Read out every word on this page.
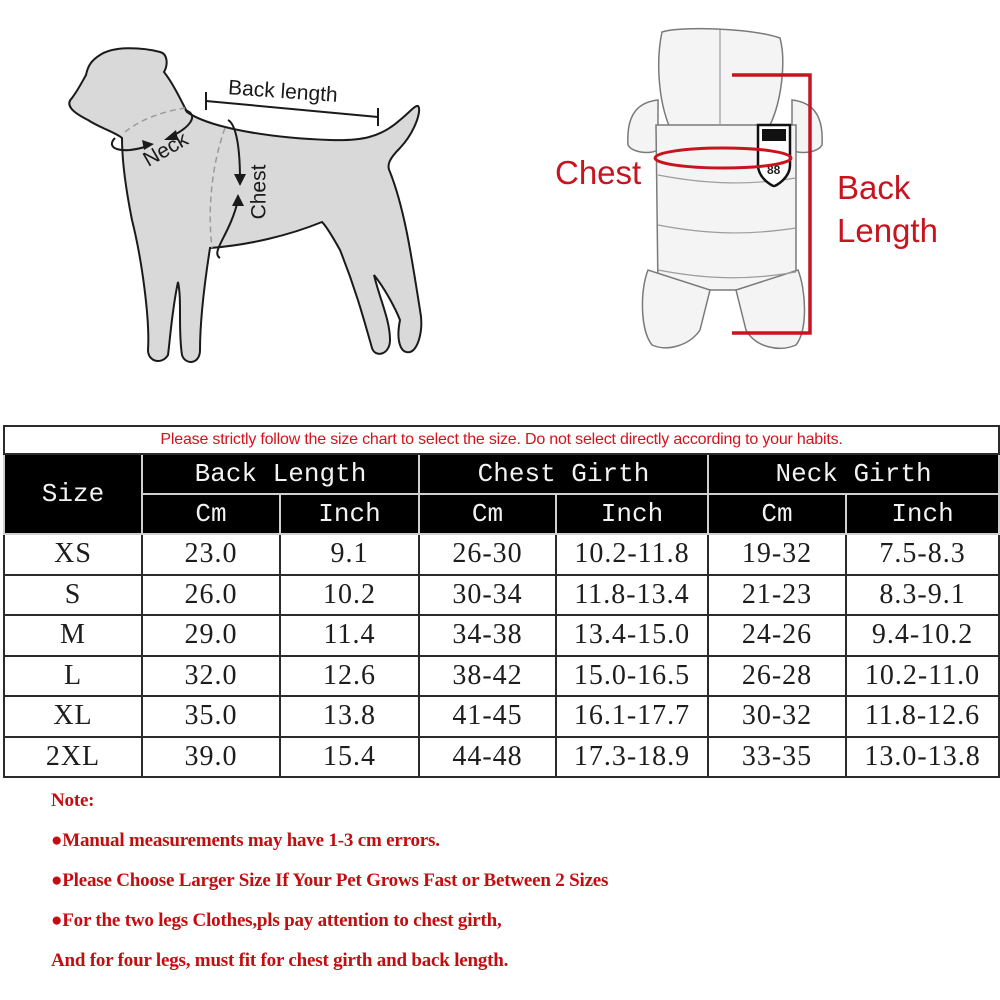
Back length
Neck
Chest	88
Chest	Back
Length
Please strictly follow the size chart to select the size. Do not select directly according to your habits.						
Size	Back Length		Chest Girth		Neck Girth	
	Cm	Inch	Cm	Inch	Cm	Inch
XS	23.0	9.1	26-30	10.2-11.8	19-32	7.5-8.3
S	26.0	10.2	30-34	11.8-13.4	21-23	8.3-9.1
M	29.0	11.4	34-38	13.4-15.0	24-26	9.4-10.2
L	32.0	12.6	38-42	15.0-16.5	26-28	10.2-11.0
XL	35.0	13.8	41-45	16.1-17.7	30-32	11.8-12.6
2XL	39.0	15.4	44-48	17.3-18.9	33-35	13.0-13.8
Note:
●Manual measurements may have 1-3 cm errors.
●Please Choose Larger Size If Your Pet Grows Fast or Between 2 Sizes
●For the two legs Clothes,pls pay attention to chest girth,
And for four legs, must fit for chest girth and back length.
